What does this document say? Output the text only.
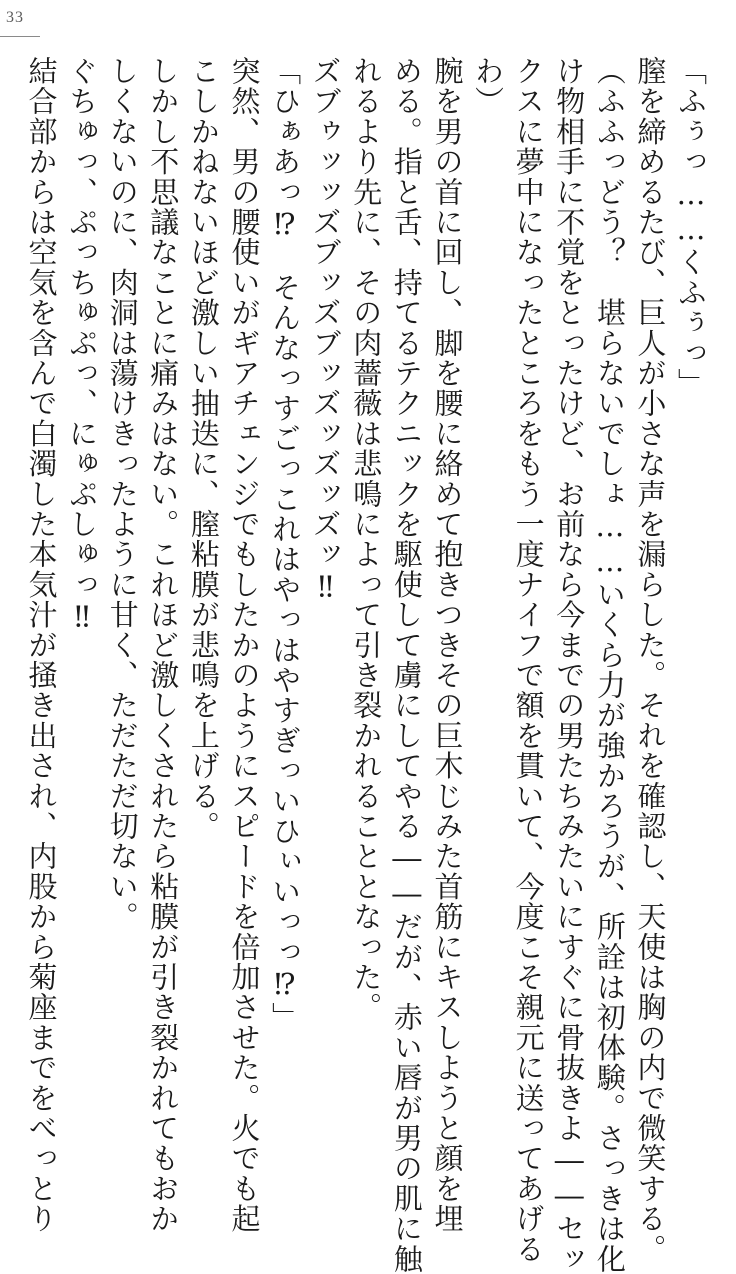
33
「ふぅっ……くふぅっ」
膣を締めるたび、巨人が小さな声を漏らした。それを確認し、天使は胸の内で微笑する。
（ふふっどう？　堪らないでしょ……いくら力が強かろうが、所詮は初体験。さっきは化
け物相手に不覚をとったけど、お前なら今までの男たちみたいにすぐに骨抜きよ――セッ
クスに夢中になったところをもう一度ナイフで額を貫いて、今度こそ親元に送ってあげる
わ）
腕を男の首に回し、脚を腰に絡めて抱きつきその巨木じみた首筋にキスしようと顔を埋
める。指と舌、持てるテクニックを駆使して虜にしてやる――だが、赤い唇が男の肌に触
れるより先に、その肉薔薇は悲鳴によって引き裂かれることとなった。
ズブゥッッズブッズブッズッズッズッ‼
「ひぁあっ⁉　そんなっすごっこれはやっはやすぎっいひぃいっっ⁉」
突然、男の腰使いがギアチェンジでもしたかのようにスピードを倍加させた。火でも起
こしかねないほど激しい抽迭に、膣粘膜が悲鳴を上げる。
しかし不思議なことに痛みはない。これほど激しくされたら粘膜が引き裂かれてもおか
しくないのに、肉洞は蕩けきったように甘く、ただただ切ない。
ぐちゅっ、ぷっちゅぷっ、にゅぷしゅっ‼
結合部からは空気を含んで白濁した本気汁が掻き出され、内股から菊座までをべっとり
